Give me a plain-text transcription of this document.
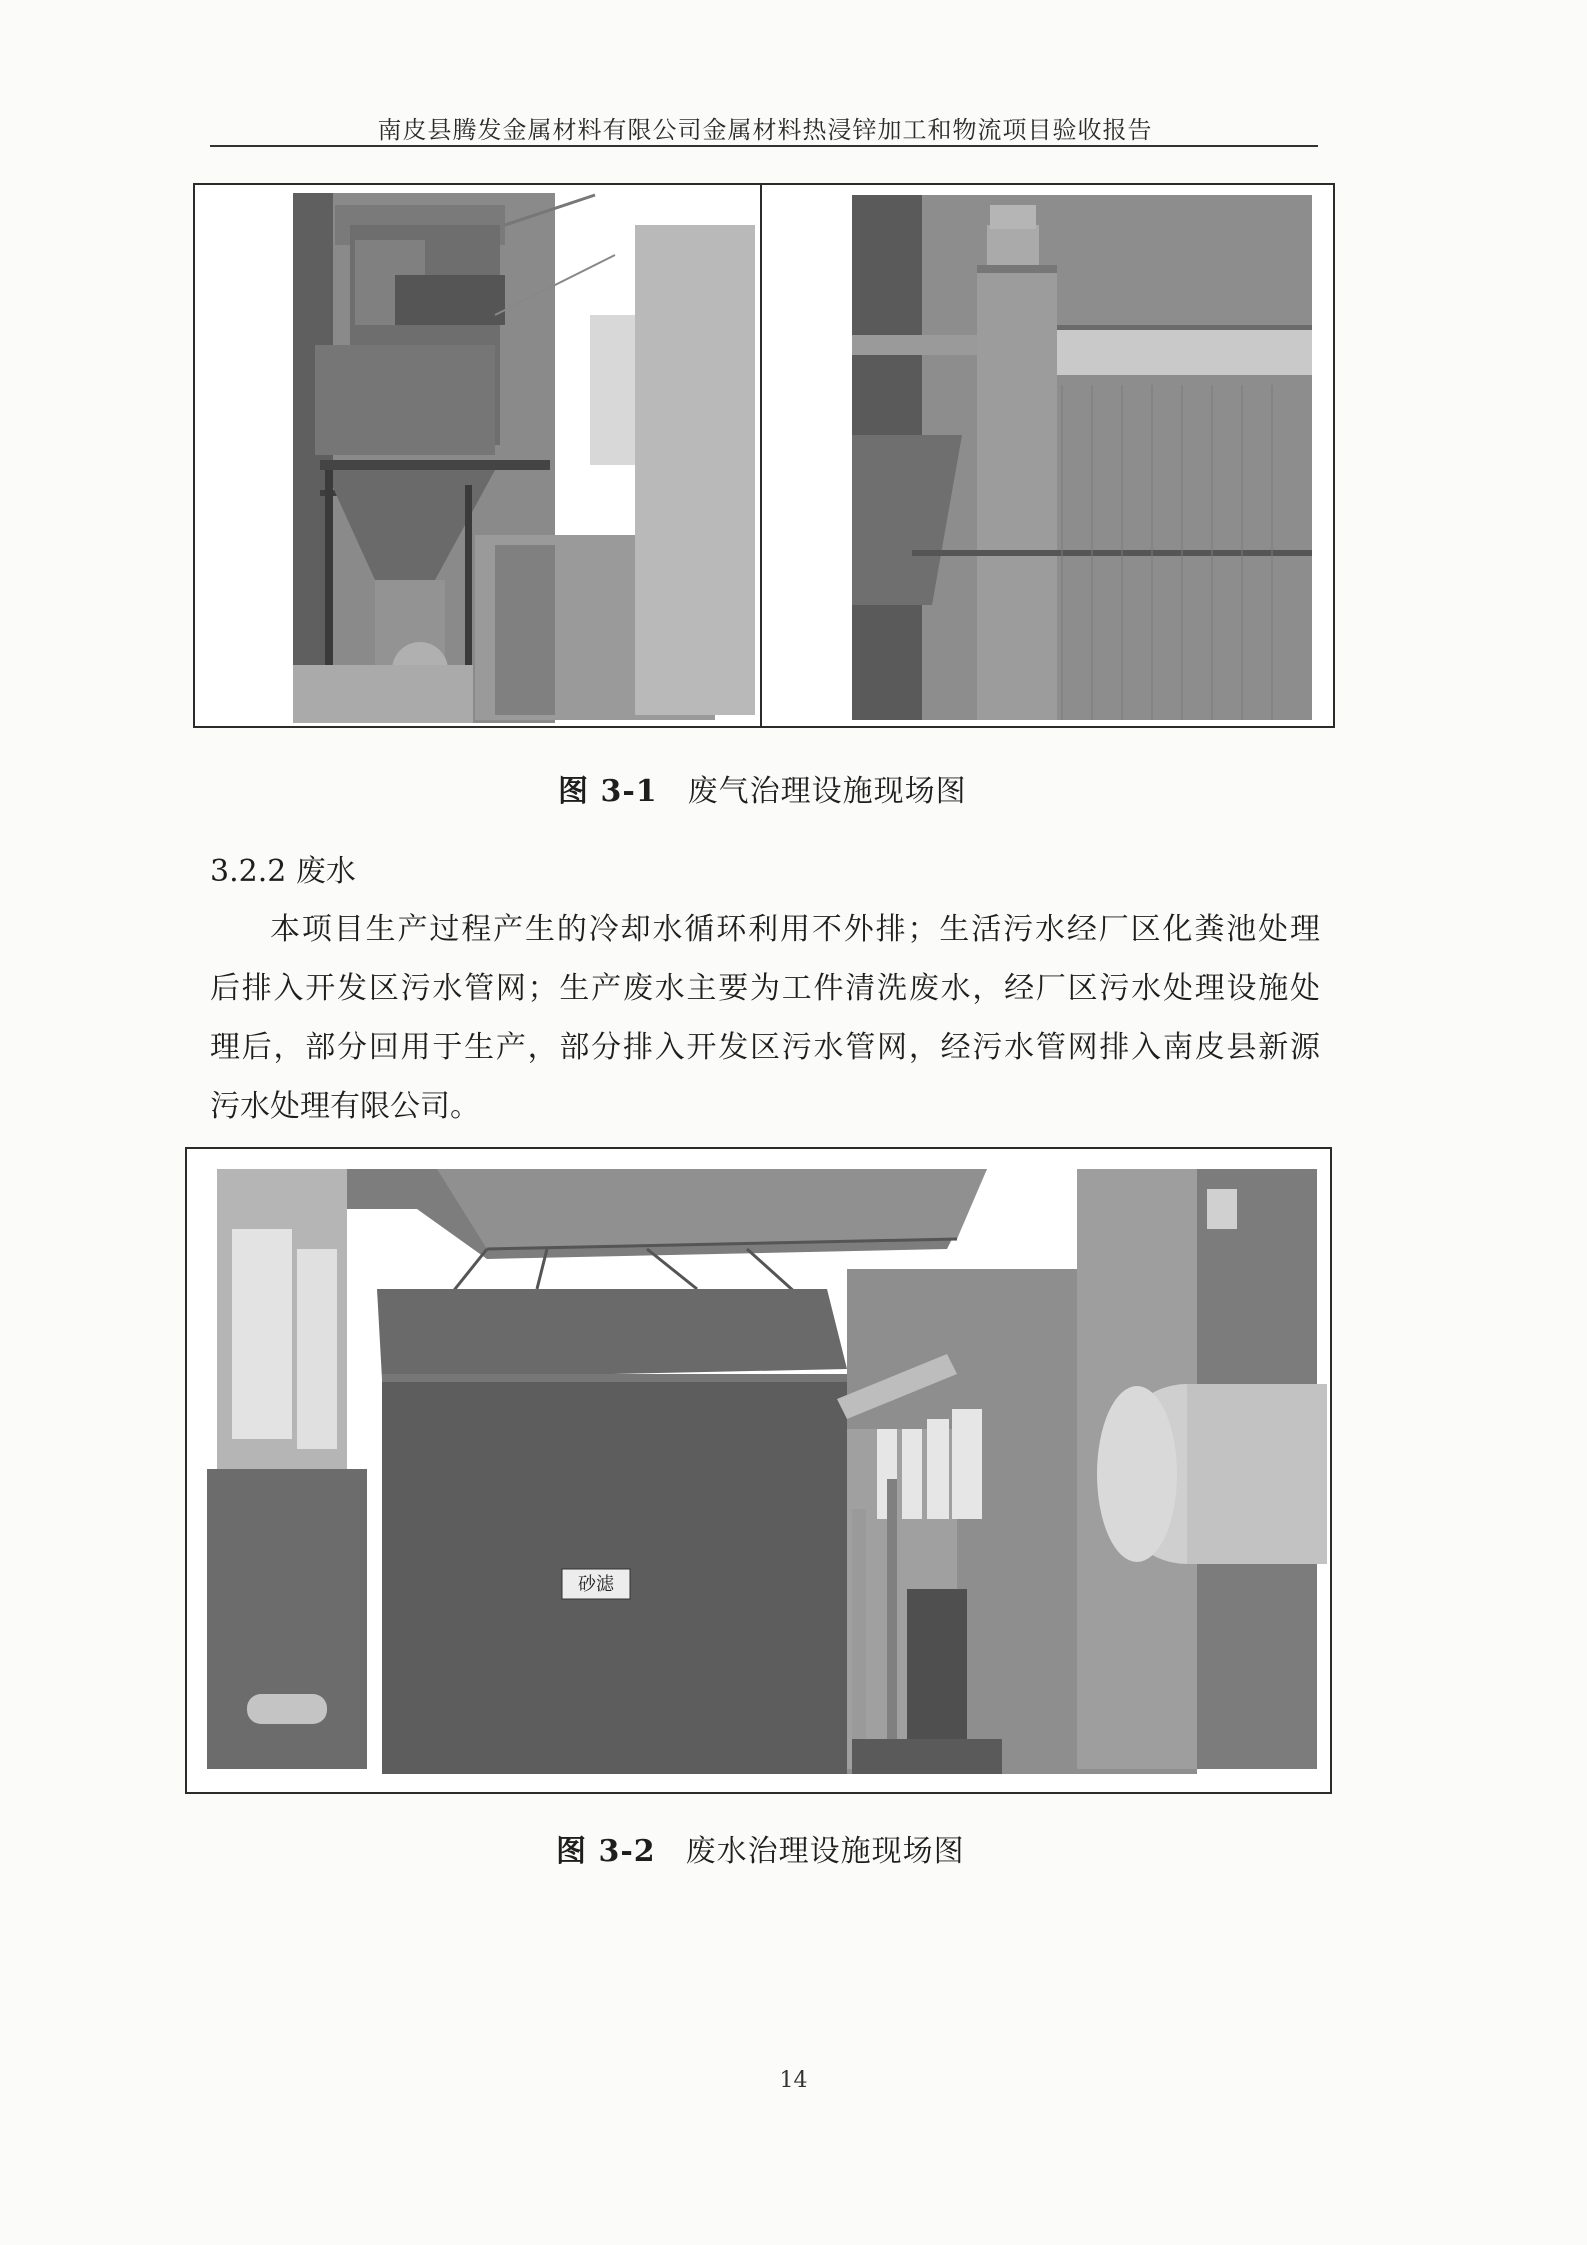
南皮县腾发金属材料有限公司金属材料热浸锌加工和物流项目验收报告
图 3-1 废气治理设施现场图
3.2.2 废水
本项目生产过程产生的冷却水循环利用不外排；生活污水经厂区化粪池处理
后排入开发区污水管网；生产废水主要为工件清洗废水，经厂区污水处理设施处
理后，部分回用于生产，部分排入开发区污水管网，经污水管网排入南皮县新源
污水处理有限公司。
砂滤
图 3-2 废水治理设施现场图
14
